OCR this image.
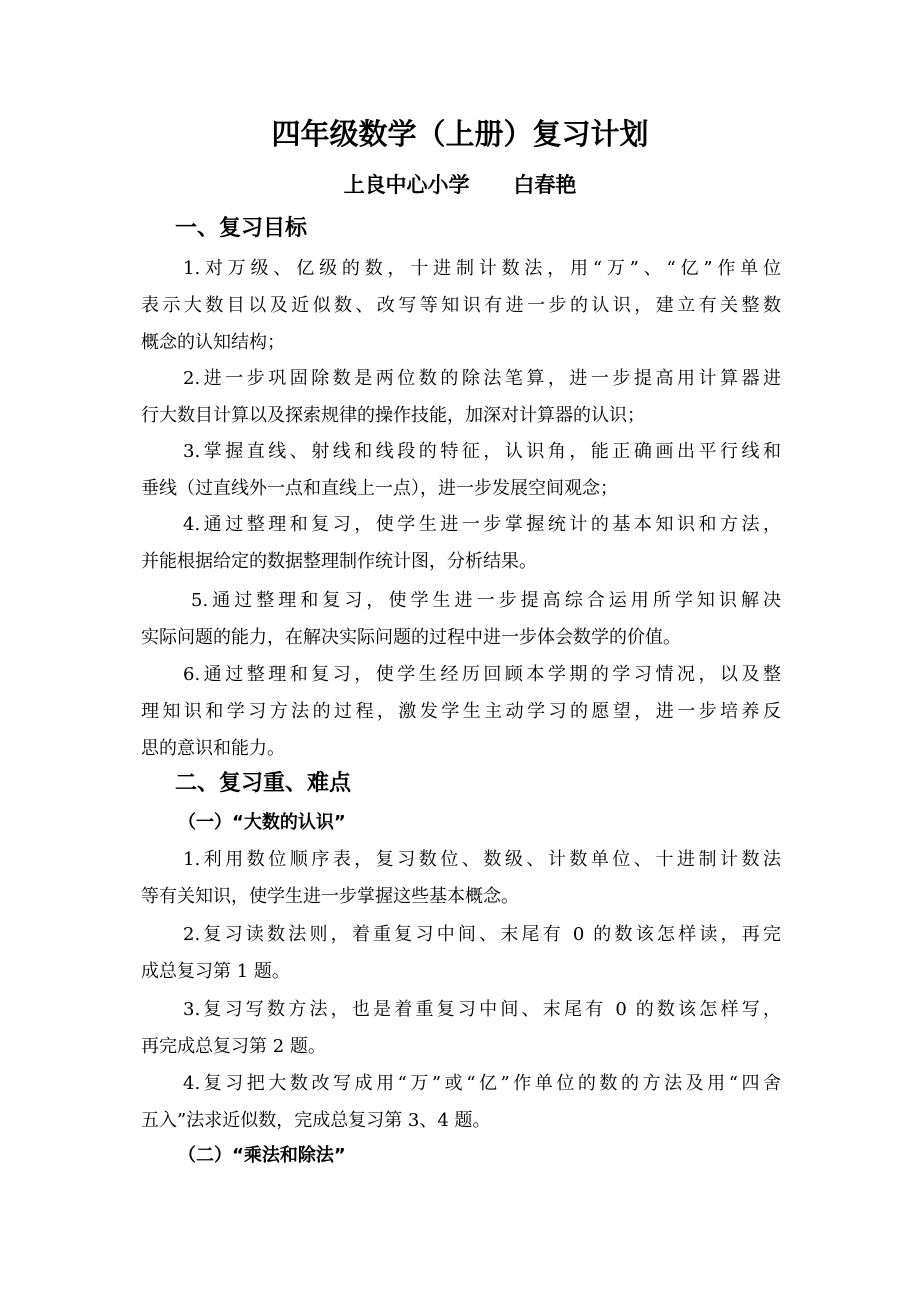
四年级数学（上册）复习计划
上良中心小学      白春艳
一、复习目标

1.对万级、亿级的数，十进制计数法，用“万”、“亿”作单位

表示大数目以及近似数、改写等知识有进一步的认识，建立有关整数

概念的认知结构；

2.进一步巩固除数是两位数的除法笔算，进一步提高用计算器进

行大数目计算以及探索规律的操作技能，加深对计算器的认识；

3.掌握直线、射线和线段的特征，认识角，能正确画出平行线和

垂线（过直线外一点和直线上一点），进一步发展空间观念；

4.通过整理和复习，使学生进一步掌握统计的基本知识和方法，

并能根据给定的数据整理制作统计图，分析结果。

5.通过整理和复习，使学生进一步提高综合运用所学知识解决

实际问题的能力，在解决实际问题的过程中进一步体会数学的价值。

6.通过整理和复习，使学生经历回顾本学期的学习情况，以及整

理知识和学习方法的过程，激发学生主动学习的愿望，进一步培养反

思的意识和能力。

二、复习重、难点
（一）“大数的认识”

1.利用数位顺序表，复习数位、数级、计数单位、十进制计数法

等有关知识，使学生进一步掌握这些基本概念。

2.复习读数法则，着重复习中间、末尾有 0 的数该怎样读，再完

成总复习第 1 题。

3.复习写数方法，也是着重复习中间、末尾有 0 的数该怎样写，

再完成总复习第 2 题。

4.复习把大数改写成用“万”或“亿”作单位的数的方法及用“四舍

五入”法求近似数，完成总复习第 3、4 题。

（二）“乘法和除法”
